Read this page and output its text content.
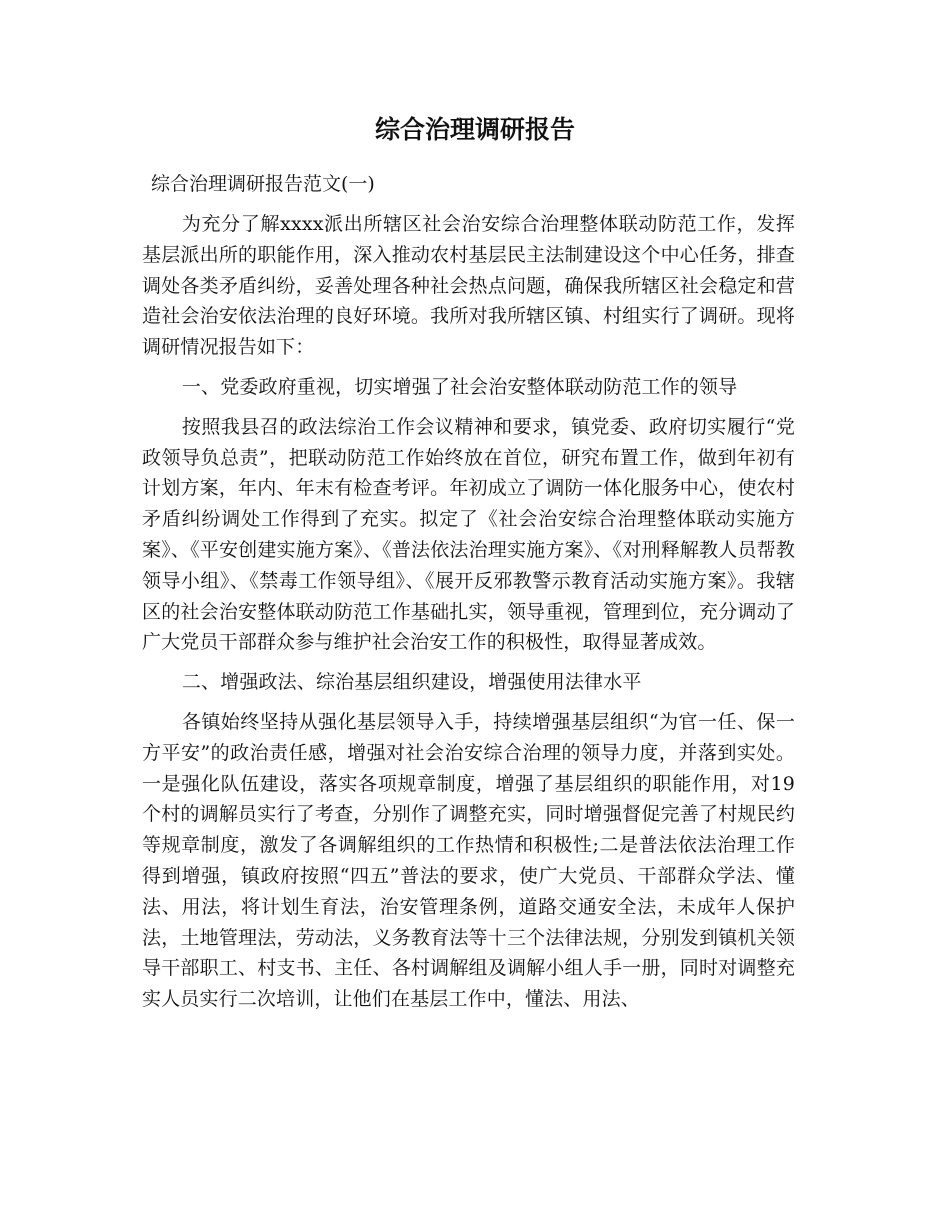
综合治理调研报告

综合治理调研报告范文(一)

为充分了解xxxx派出所辖区社会治安综合治理整体联动防范工作，发挥基层派出所的职能作用，深入推动农村基层民主法制建设这个中心任务，排查调处各类矛盾纠纷，妥善处理各种社会热点问题，确保我所辖区社会稳定和营造社会治安依法治理的良好环境。我所对我所辖区镇、村组实行了调研。现将调研情况报告如下：

一、党委政府重视，切实增强了社会治安整体联动防范工作的领导

按照我县召的政法综治工作会议精神和要求，镇党委、政府切实履行“党政领导负总责”，把联动防范工作始终放在首位，研究布置工作，做到年初有计划方案，年内、年末有检查考评。年初成立了调防一体化服务中心，使农村矛盾纠纷调处工作得到了充实。拟定了《社会治安综合治理整体联动实施方案》、《平安创建实施方案》、《普法依法治理实施方案》、《对刑释解教人员帮教领导小组》、《禁毒工作领导组》、《展开反邪教警示教育活动实施方案》。我辖区的社会治安整体联动防范工作基础扎实，领导重视，管理到位，充分调动了广大党员干部群众参与维护社会治安工作的积极性，取得显著成效。

二、增强政法、综治基层组织建设，增强使用法律水平

各镇始终坚持从强化基层领导入手，持续增强基层组织“为官一任、保一方平安”的政治责任感，增强对社会治安综合治理的领导力度，并落到实处。一是强化队伍建设，落实各项规章制度，增强了基层组织的职能作用，对19个村的调解员实行了考查，分别作了调整充实，同时增强督促完善了村规民约等规章制度，激发了各调解组织的工作热情和积极性;二是普法依法治理工作得到增强，镇政府按照“四五”普法的要求，使广大党员、干部群众学法、懂法、用法，将计划生育法，治安管理条例，道路交通安全法，未成年人保护法，土地管理法，劳动法，义务教育法等十三个法律法规，分别发到镇机关领导干部职工、村支书、主任、各村调解组及调解小组人手一册，同时对调整充实人员实行二次培训，让他们在基层工作中，懂法、用法、
